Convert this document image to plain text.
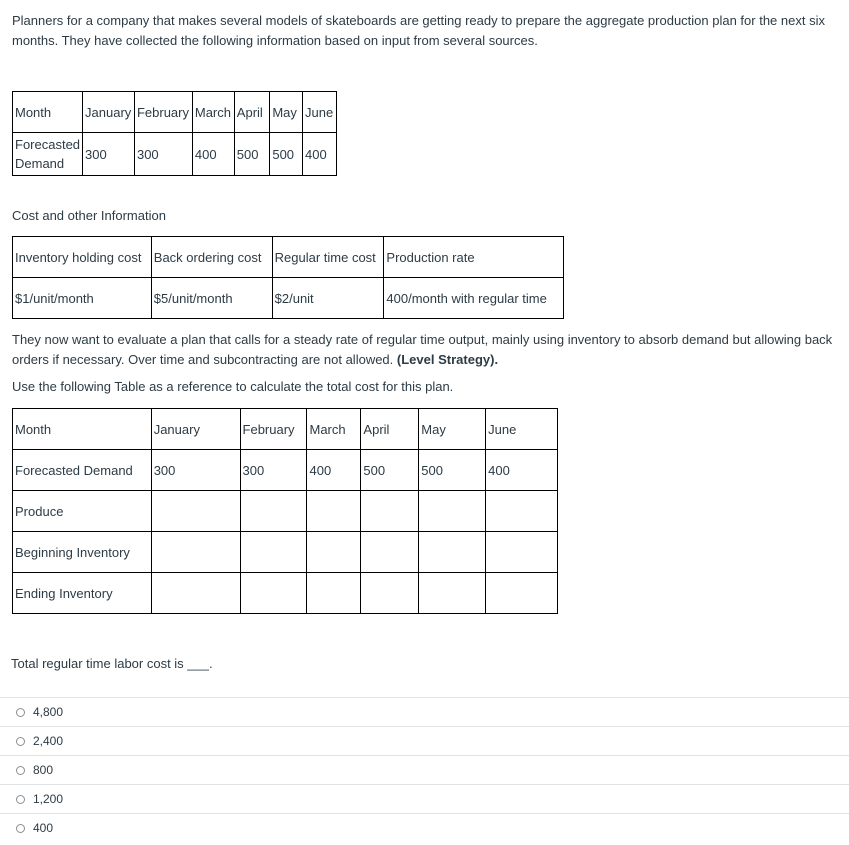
Planners for a company that makes several models of skateboards are getting ready to prepare the aggregate production plan for the next six months. They have collected the following information based on input from several sources.

Month	January	February	March	April	May	June
Forecasted Demand	300	300	400	500	500	400

Cost and other Information

Inventory holding cost	Back ordering cost	Regular time cost	Production rate
$1/unit/month	$5/unit/month	$2/unit	400/month with regular time

They now want to evaluate a plan that calls for a steady rate of regular time output, mainly using inventory to absorb demand but allowing back orders if necessary. Over time and subcontracting are not allowed. (Level Strategy).

Use the following Table as a reference to calculate the total cost for this plan.

Month	January	February	March	April	May	June
Forecasted Demand	300	300	400	500	500	400
Produce						
Beginning Inventory						
Ending Inventory						

Total regular time labor cost is ___.

4,800
2,400
800
1,200
400
